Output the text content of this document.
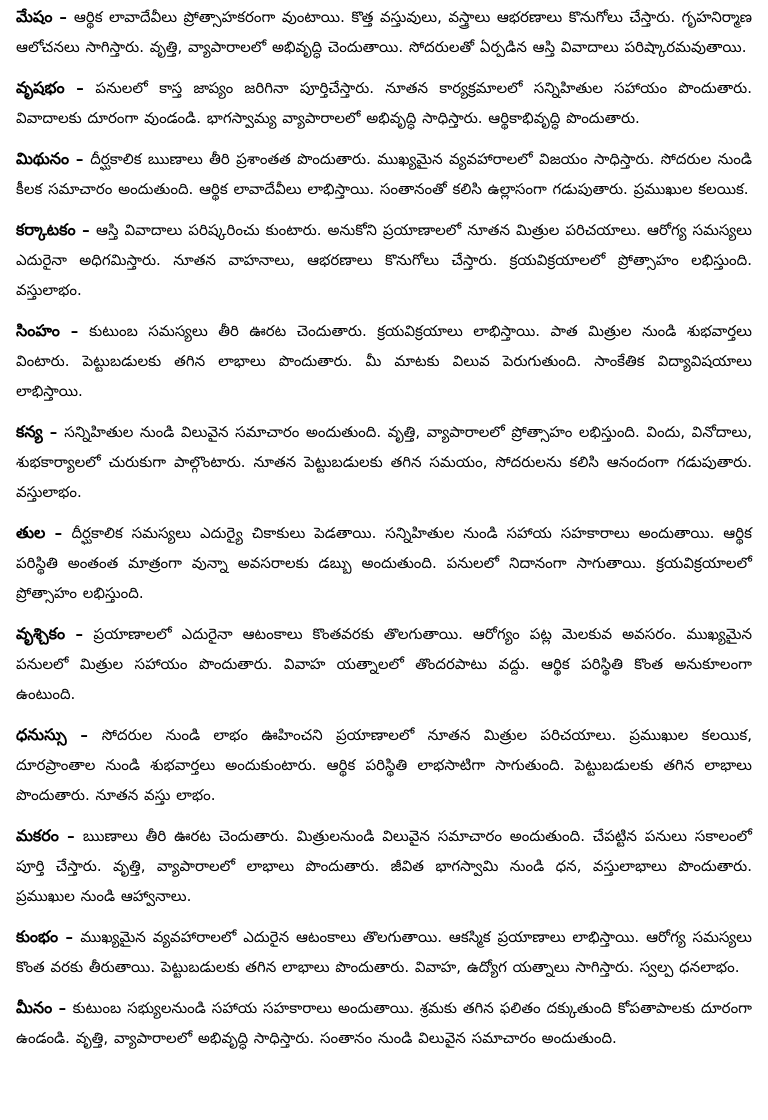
మేషం – ఆర్థిక లావాదేవీలు ప్రోత్సాహకరంగా వుంటాయి. కొత్త వస్తువులు, వస్త్రాలు ఆభరణాలు కొనుగోలు చేస్తారు. గృహనిర్మాణ ఆలోచనలు సాగిస్తారు. వృత్తి, వ్యాపారాలలో అభివృద్ధి చెందుతాయి. సోదరులతో ఏర్పడిన ఆస్తి వివాదాలు పరిష్కారమవుతాయి.

వృషభం – పనులలో కాస్త జాప్యం జరిగినా పూర్తిచేస్తారు. నూతన కార్యక్రమాలలో సన్నిహితుల సహాయం పొందుతారు. వివాదాలకు దూరంగా వుండండి. భాగస్వామ్య వ్యాపారాలలో అభివృద్ధి సాధిస్తారు. ఆర్థికాభివృద్ధి పొందుతారు.

మిథునం – దీర్ఘకాలిక ఋణాలు తీరి ప్రశాంతత పొందుతారు. ముఖ్యమైన వ్యవహారాలలో విజయం సాధిస్తారు. సోదరుల నుండి కీలక సమాచారం అందుతుంది. ఆర్థిక లావాదేవీలు లాభిస్తాయి. సంతానంతో కలిసి ఉల్లాసంగా గడుపుతారు. ప్రముఖుల కలయిక.

కర్కాటకం – ఆస్తి వివాదాలు పరిష్కరించు కుంటారు. అనుకోని ప్రయాణాలలో నూతన మిత్రుల పరిచయాలు. ఆరోగ్య సమస్యలు ఎదురైనా అధిగమిస్తారు. నూతన వాహనాలు, ఆభరణాలు కొనుగోలు చేస్తారు. క్రయవిక్రయాలలో ప్రోత్సాహం లభిస్తుంది. వస్తులాభం.

సింహం – కుటుంబ సమస్యలు తీరి ఊరట చెందుతారు. క్రయవిక్రయాలు లాభిస్తాయి. పాత మిత్రుల నుండి శుభవార్తలు వింటారు. పెట్టుబడులకు తగిన లాభాలు పొందుతారు. మీ మాటకు విలువ పెరుగుతుంది. సాంకేతిక విద్యావిషయాలు లాభిస్తాయి.

కన్య – సన్నిహితుల నుండి విలువైన సమాచారం అందుతుంది. వృత్తి, వ్యాపారాలలో ప్రోత్సాహం లభిస్తుంది. విందు, వినోదాలు, శుభకార్యాలలో చురుకుగా పాల్గొంటారు. నూతన పెట్టుబడులకు తగిన సమయం, సోదరులను కలిసి ఆనందంగా గడుపుతారు. వస్తులాభం.

తుల – దీర్ఘకాలిక సమస్యలు ఎదుర్యై చికాకులు పెడతాయి. సన్నిహితుల నుండి సహాయ సహకారాలు అందుతాయి. ఆర్థిక పరిస్థితి అంతంత మాత్రంగా వున్నా అవసరాలకు డబ్బు అందుతుంది. పనులలో నిదానంగా సాగుతాయి. క్రయవిక్రయాలలో ప్రోత్సాహం లభిస్తుంది.

వృశ్చికం – ప్రయాణాలలో ఎదురైనా ఆటంకాలు కొంతవరకు తొలగుతాయి. ఆరోగ్యం పట్ల మెలకువ అవసరం. ముఖ్యమైన పనులలో మిత్రుల సహాయం పొందుతారు. వివాహ యత్నాలలో తొందరపాటు వద్దు. ఆర్థిక పరిస్థితి కొంత అనుకూలంగా ఉంటుంది.

ధనుస్సు – సోదరుల నుండి లాభం ఊహించని ప్రయాణాలలో నూతన మిత్రుల పరిచయాలు. ప్రముఖుల కలయిక, దూరప్రాంతాల నుండి శుభవార్తలు అందుకుంటారు. ఆర్థిక పరిస్థితి లాభసాటిగా సాగుతుంది. పెట్టుబడులకు తగిన లాభాలు పొందుతారు. నూతన వస్తు లాభం.

మకరం – ఋణాలు తీరి ఊరట చెందుతారు. మిత్రులనుండి విలువైన సమాచారం అందుతుంది. చేపట్టిన పనులు సకాలంలో పూర్తి చేస్తారు. వృత్తి, వ్యాపారాలలో లాభాలు పొందుతారు. జీవిత భాగస్వామి నుండి ధన, వస్తులాభాలు పొందుతారు. ప్రముఖుల నుండి ఆహ్వానాలు.

కుంభం – ముఖ్యమైన వ్యవహారాలలో ఎదురైన ఆటంకాలు తొలగుతాయి. ఆకస్మిక ప్రయాణాలు లాభిస్తాయి. ఆరోగ్య సమస్యలు కొంత వరకు తీరుతాయి. పెట్టుబడులకు తగిన లాభాలు పొందుతారు. వివాహ, ఉద్యోగ యత్నాలు సాగిస్తారు. స్వల్ప ధనలాభం.

మీనం – కుటుంబ సభ్యులనుండి సహాయ సహకారాలు అందుతాయి. శ్రమకు తగిన ఫలితం దక్కుతుంది కోపతాపాలకు దూరంగా ఉండండి. వృత్తి, వ్యాపారాలలో అభివృద్ధి సాధిస్తారు. సంతానం నుండి విలువైన సమాచారం అందుతుంది.
